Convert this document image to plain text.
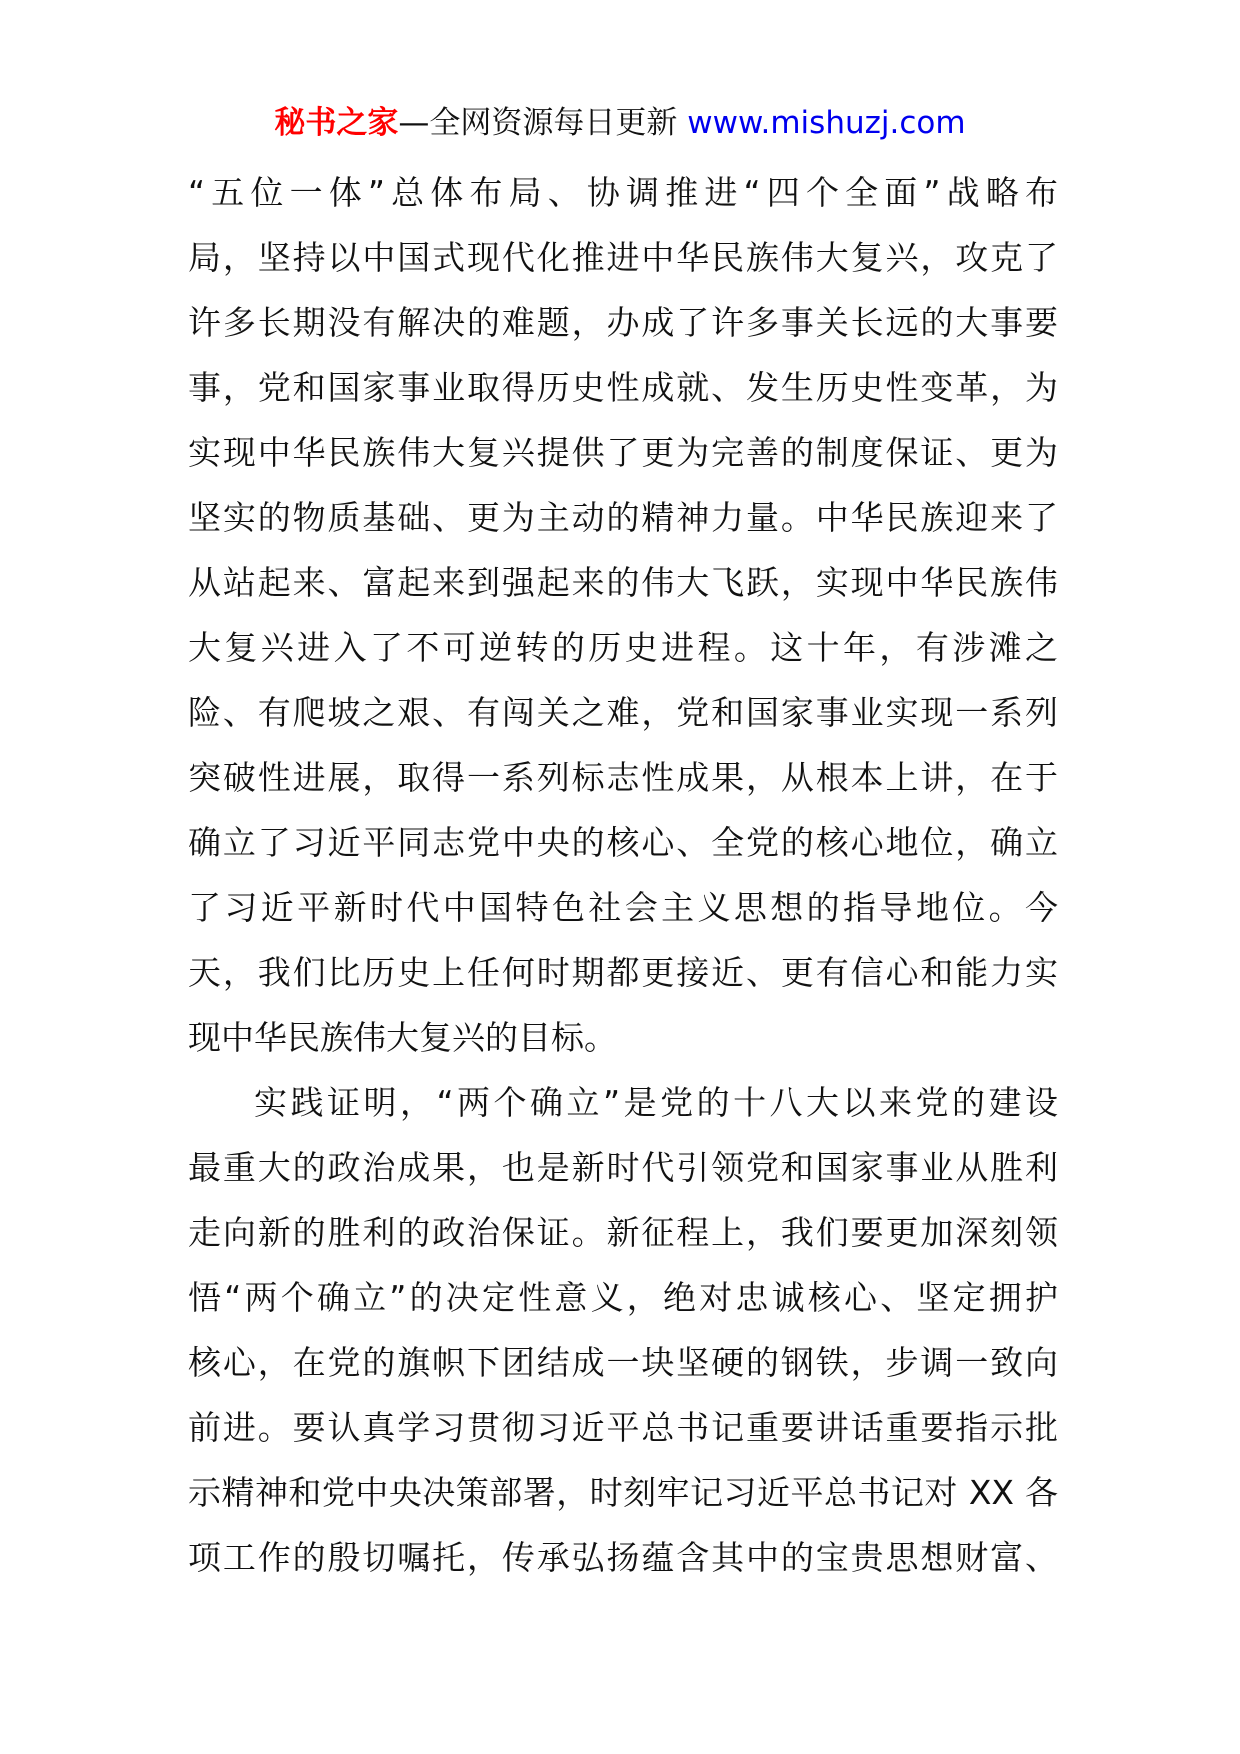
秘书之家—全网资源每日更新 www.mishuzj.com
“五位一体”总体布局、协调推进“四个全面”战略布
局，坚持以中国式现代化推进中华民族伟大复兴，攻克了
许多长期没有解决的难题，办成了许多事关长远的大事要
事，党和国家事业取得历史性成就、发生历史性变革，为
实现中华民族伟大复兴提供了更为完善的制度保证、更为
坚实的物质基础、更为主动的精神力量。中华民族迎来了
从站起来、富起来到强起来的伟大飞跃，实现中华民族伟
大复兴进入了不可逆转的历史进程。这十年，有涉滩之
险、有爬坡之艰、有闯关之难，党和国家事业实现一系列
突破性进展，取得一系列标志性成果，从根本上讲，在于
确立了习近平同志党中央的核心、全党的核心地位，确立
了习近平新时代中国特色社会主义思想的指导地位。今
天，我们比历史上任何时期都更接近、更有信心和能力实
现中华民族伟大复兴的目标。
实践证明，“两个确立”是党的十八大以来党的建设
最重大的政治成果，也是新时代引领党和国家事业从胜利
走向新的胜利的政治保证。新征程上，我们要更加深刻领
悟“两个确立”的决定性意义，绝对忠诚核心、坚定拥护
核心，在党的旗帜下团结成一块坚硬的钢铁，步调一致向
前进。要认真学习贯彻习近平总书记重要讲话重要指示批
示精神和党中央决策部署，时刻牢记习近平总书记对 XX 各
项工作的殷切嘱托，传承弘扬蕴含其中的宝贵思想财富、
